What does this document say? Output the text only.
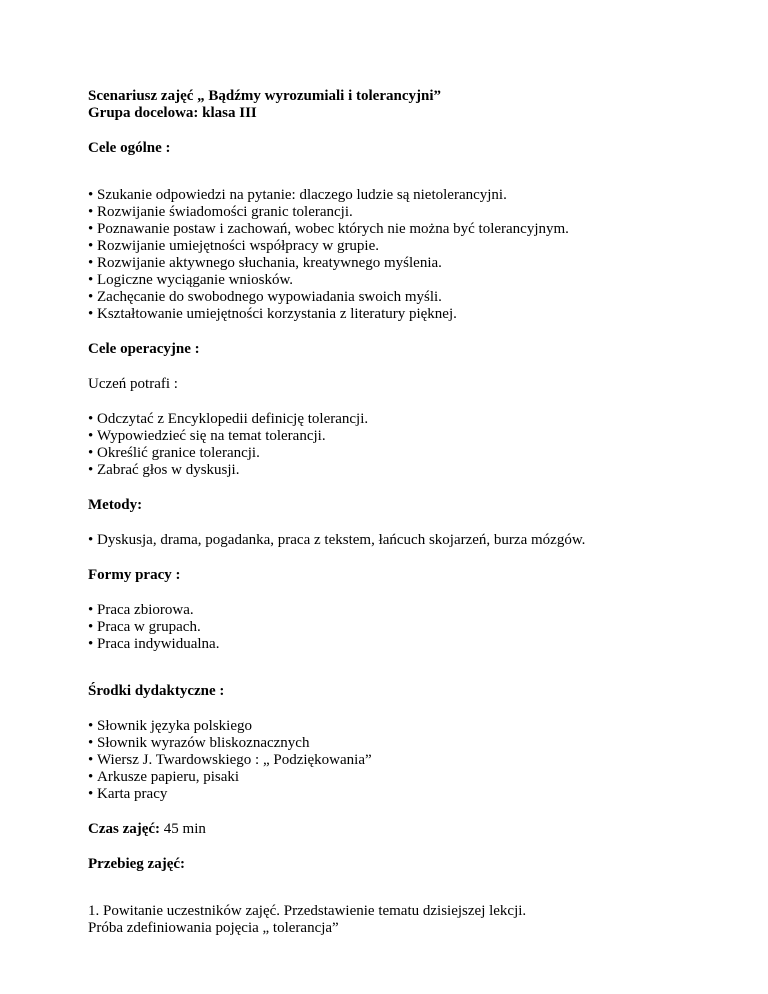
Scenariusz zajęć „ Bądźmy wyrozumiali i tolerancyjni”
Grupa docelowa: klasa III
Cele ogólne :
• Szukanie odpowiedzi na pytanie: dlaczego ludzie są nietolerancyjni.
• Rozwijanie świadomości granic tolerancji.
• Poznawanie postaw i zachowań, wobec których nie można być tolerancyjnym.
• Rozwijanie umiejętności współpracy w grupie.
• Rozwijanie aktywnego słuchania, kreatywnego myślenia.
• Logiczne wyciąganie wniosków.
• Zachęcanie do swobodnego wypowiadania swoich myśli.
• Kształtowanie umiejętności korzystania z literatury pięknej.
Cele operacyjne :
Uczeń potrafi :
• Odczytać z Encyklopedii definicję tolerancji.
• Wypowiedzieć się na temat tolerancji.
• Określić granice tolerancji.
• Zabrać głos w dyskusji.
Metody:
• Dyskusja, drama, pogadanka, praca z tekstem, łańcuch skojarzeń, burza mózgów.
Formy pracy :
• Praca zbiorowa.
• Praca w grupach.
• Praca indywidualna.
Środki dydaktyczne :
• Słownik języka polskiego
• Słownik wyrazów bliskoznacznych
• Wiersz J. Twardowskiego : „ Podziękowania”
• Arkusze papieru, pisaki
• Karta pracy
Czas zajęć: 45 min
Przebieg zajęć:
1. Powitanie uczestników zajęć. Przedstawienie tematu dzisiejszej lekcji.
Próba zdefiniowania pojęcia „ tolerancja”
